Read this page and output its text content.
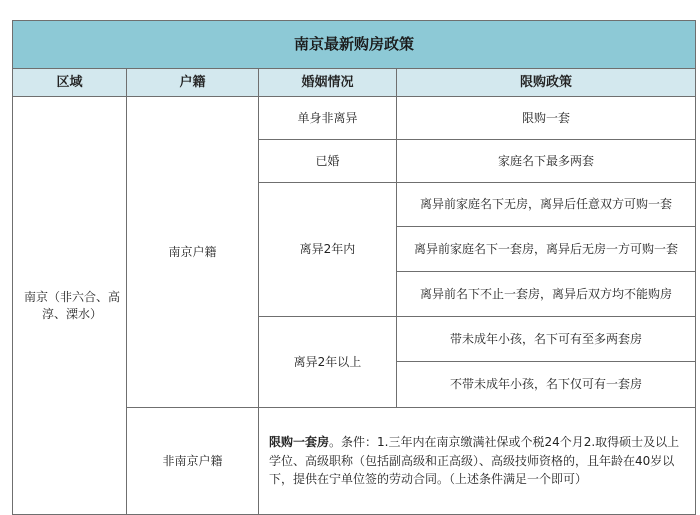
南京最新购房政策			
区域	户籍	婚姻情况	限购政策
南京（非六合、高淳、溧水）	南京户籍	单身非离异	限购一套
		已婚	家庭名下最多两套
		离异2年内	离异前家庭名下无房，离异后任意双方可购一套
			离异前家庭名下一套房，离异后无房一方可购一套
			离异前名下不止一套房，离异后双方均不能购房
		离异2年以上	带未成年小孩，名下可有至多两套房
			不带未成年小孩，名下仅可有一套房
	非南京户籍	限购一套房。条件：1.三年内在南京缴满社保或个税24个月2.取得硕士及以上学位、高级职称（包括副高级和正高级）、高级技师资格的，且年龄在40岁以下，提供在宁单位签的劳动合同。（上述条件满足一个即可）	
